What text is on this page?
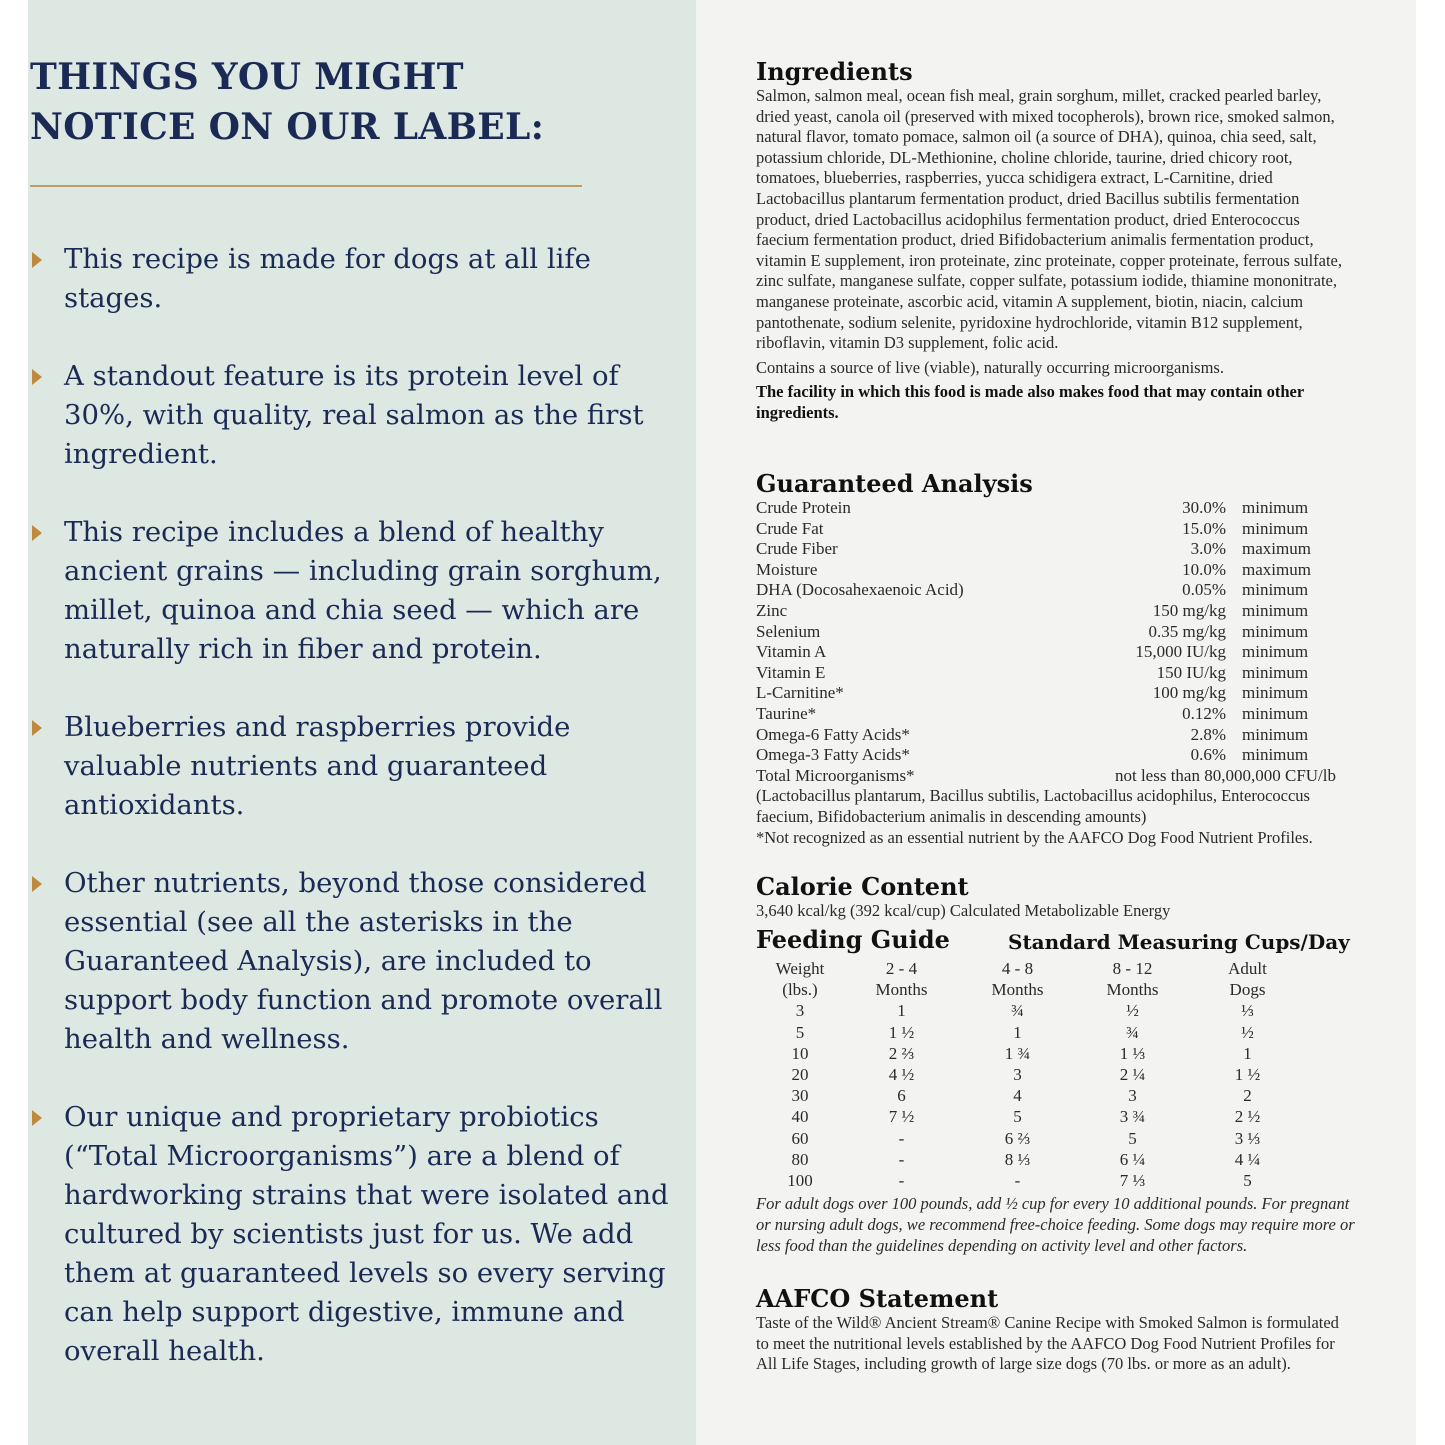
THINGS YOU MIGHT
NOTICE ON OUR LABEL:
This recipe is made for dogs at all life stages.
A standout feature is its protein level of 30%, with quality, real salmon as the first ingredient.
This recipe includes a blend of healthy ancient grains — including grain sorghum, millet, quinoa and chia seed — which are naturally rich in fiber and protein.
Blueberries and raspberries provide valuable nutrients and guaranteed antioxidants.
Other nutrients, beyond those considered essential (see all the asterisks in the Guaranteed Analysis), are included to support body function and promote overall health and wellness.
Our unique and proprietary probiotics (“Total Microorganisms”) are a blend of hardworking strains that were isolated and cultured by scientists just for us. We add them at guaranteed levels so every serving can help support digestive, immune and overall health.
Ingredients
Salmon, salmon meal, ocean fish meal, grain sorghum, millet, cracked pearled barley, dried yeast, canola oil (preserved with mixed tocopherols), brown rice, smoked salmon, natural flavor, tomato pomace, salmon oil (a source of DHA), quinoa, chia seed, salt, potassium chloride, DL-Methionine, choline chloride, taurine, dried chicory root, tomatoes, blueberries, raspberries, yucca schidigera extract, L-Carnitine, dried Lactobacillus plantarum fermentation product, dried Bacillus subtilis fermentation product, dried Lactobacillus acidophilus fermentation product, dried Enterococcus faecium fermentation product, dried Bifidobacterium animalis fermentation product, vitamin E supplement, iron proteinate, zinc proteinate, copper proteinate, ferrous sulfate, zinc sulfate, manganese sulfate, copper sulfate, potassium iodide, thiamine mononitrate, manganese proteinate, ascorbic acid, vitamin A supplement, biotin, niacin, calcium pantothenate, sodium selenite, pyridoxine hydrochloride, vitamin B12 supplement, riboflavin, vitamin D3 supplement, folic acid.
Contains a source of live (viable), naturally occurring microorganisms.
The facility in which this food is made also makes food that may contain other ingredients.
Guaranteed Analysis
Crude Protein	30.0%	minimum
Crude Fat	15.0%	minimum
Crude Fiber	3.0%	maximum
Moisture	10.0%	maximum
DHA (Docosahexaenoic Acid)	0.05%	minimum
Zinc	150 mg/kg	minimum
Selenium	0.35 mg/kg	minimum
Vitamin A	15,000 IU/kg	minimum
Vitamin E	150 IU/kg	minimum
L-Carnitine*	100 mg/kg	minimum
Taurine*	0.12%	minimum
Omega-6 Fatty Acids*	2.8%	minimum
Omega-3 Fatty Acids*	0.6%	minimum
Total Microorganisms*	not less than 80,000,000 CFU/lb
(Lactobacillus plantarum, Bacillus subtilis, Lactobacillus acidophilus, Enterococcus faecium, Bifidobacterium animalis in descending amounts)
*Not recognized as an essential nutrient by the AAFCO Dog Food Nutrient Profiles.
Calorie Content
3,640 kcal/kg (392 kcal/cup) Calculated Metabolizable Energy
Feeding Guide	Standard Measuring Cups/Day
Weight	2 - 4	4 - 8	8 - 12	Adult
(lbs.)	Months	Months	Months	Dogs
3	1	¾	½	⅓
5	1 ½	1	¾	½
10	2 ⅔	1 ¾	1 ⅓	1
20	4 ½	3	2 ¼	1 ½
30	6	4	3	2
40	7 ½	5	3 ¾	2 ½
60	-	6 ⅔	5	3 ⅓
80	-	8 ⅓	6 ¼	4 ¼
100	-	-	7 ⅓	5
For adult dogs over 100 pounds, add ½ cup for every 10 additional pounds. For pregnant or nursing adult dogs, we recommend free-choice feeding. Some dogs may require more or less food than the guidelines depending on activity level and other factors.
AAFCO Statement
Taste of the Wild® Ancient Stream® Canine Recipe with Smoked Salmon is formulated to meet the nutritional levels established by the AAFCO Dog Food Nutrient Profiles for All Life Stages, including growth of large size dogs (70 lbs. or more as an adult).
